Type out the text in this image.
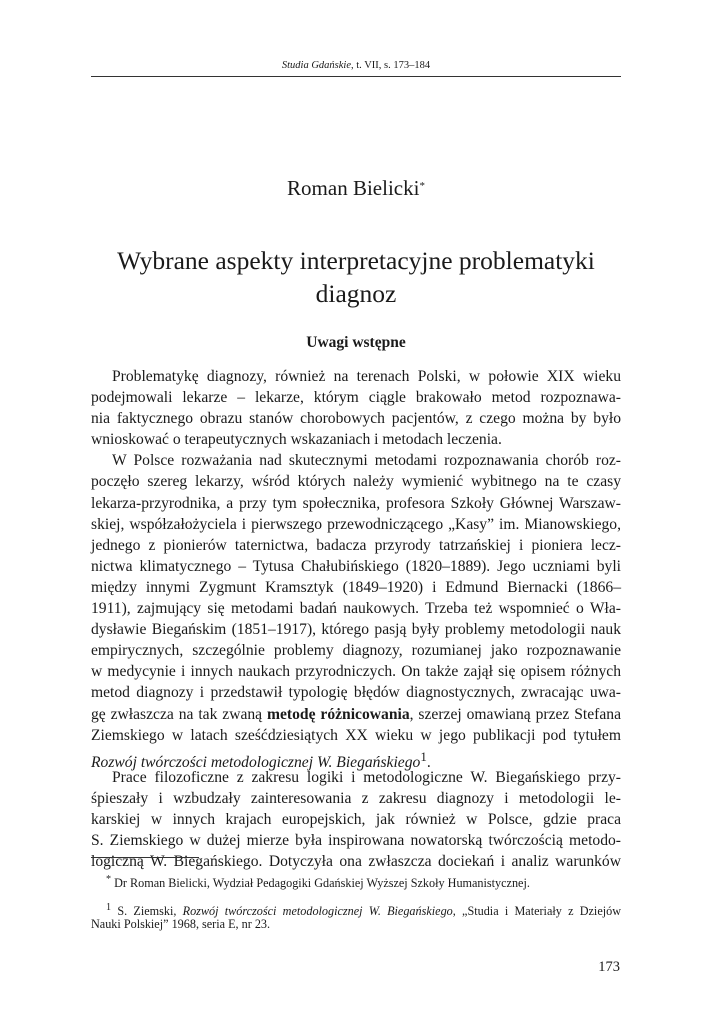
Studia Gdańskie, t. VII, s. 173–184
Roman Bielicki*
Wybrane aspekty interpretacyjne problematyki
diagnoz
Uwagi wstępne
Problematykę diagnozy, również na terenach Polski, w połowie XIX wieku
podejmowali lekarze – lekarze, którym ciągle brakowało metod rozpoznawa-
nia faktycznego obrazu stanów chorobowych pacjentów, z czego można by było
wnioskować o terapeutycznych wskazaniach i metodach leczenia.
W Polsce rozważania nad skutecznymi metodami rozpoznawania chorób roz-
poczęło szereg lekarzy, wśród których należy wymienić wybitnego na te czasy
lekarza-przyrodnika, a przy tym społecznika, profesora Szkoły Głównej Warszaw-
skiej, współzałożyciela i pierwszego przewodniczącego „Kasy” im. Mianowskiego,
jednego z pionierów taternictwa, badacza przyrody tatrzańskiej i pioniera lecz-
nictwa klimatycznego – Tytusa Chałubińskiego (1820–1889). Jego uczniami byli
między innymi Zygmunt Kramsztyk (1849–1920) i Edmund Biernacki (1866–
1911), zajmujący się metodami badań naukowych. Trzeba też wspomnieć o Wła-
dysławie Biegańskim (1851–1917), którego pasją były problemy metodologii nauk
empirycznych, szczególnie problemy diagnozy, rozumianej jako rozpoznawanie
w medycynie i innych naukach przyrodniczych. On także zajął się opisem różnych
metod diagnozy i przedstawił typologię błędów diagnostycznych, zwracając uwa-
gę zwłaszcza na tak zwaną metodę różnicowania, szerzej omawianą przez Stefana
Ziemskiego w latach sześćdziesiątych XX wieku w jego publikacji pod tytułem
Rozwój twórczości metodologicznej W. Biegańskiego$^1$.
Prace filozoficzne z zakresu logiki i metodologiczne W. Biegańskiego przy-
śpieszały i wzbudzały zainteresowania z zakresu diagnozy i metodologii le-
karskiej w innych krajach europejskich, jak również w Polsce, gdzie praca
S. Ziemskiego w dużej mierze była inspirowana nowatorską twórczością metodo-
logiczną W. Biegańskiego. Dotyczyła ona zwłaszcza dociekań i analiz warunków
* Dr Roman Bielicki, Wydział Pedagogiki Gdańskiej Wyższej Szkoły Humanistycznej.
$^1$ S. Ziemski, Rozwój twórczości metodologicznej W. Biegańskiego, „Studia i Materiały z Dziejów
Nauki Polskiej” 1968, seria E, nr 23.
173
